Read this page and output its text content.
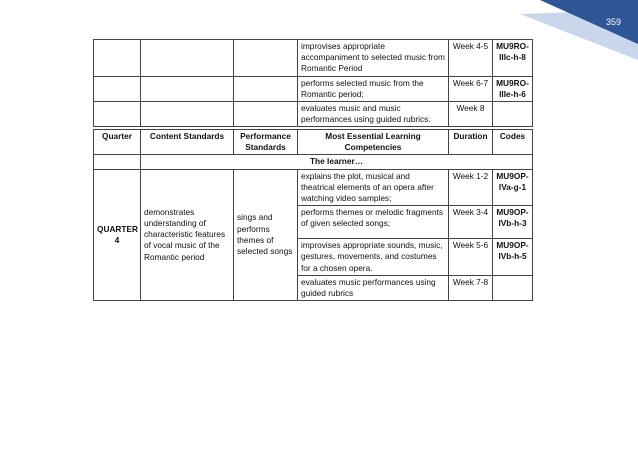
359
			improvises appropriate accompaniment to selected music from Romantic Period	Week 4-5	MU9RO-IIIc-h-8
			performs selected music from the Romantic period;	Week 6-7	MU9RO-IIIe-h-6
			evaluates music and music performances using guided rubrics.	Week 8	
Quarter	Content Standards	Performance Standards	Most Essential Learning Competencies	Duration	Codes
	The learner…				
QUARTER 4	demonstrates understanding of characteristic features of vocal music of the Romantic period	sings and performs themes of selected songs	explains the plot, musical and theatrical elements of an opera after watching video samples;	Week 1-2	MU9OP-IVa-g-1
			performs themes or melodic fragments of given selected songs;	Week 3-4	MU9OP-IVb-h-3
			improvises appropriate sounds, music, gestures, movements, and costumes for a chosen opera.	Week 5-6	MU9OP-IVb-h-5
			evaluates music performances using guided rubrics	Week 7-8	
